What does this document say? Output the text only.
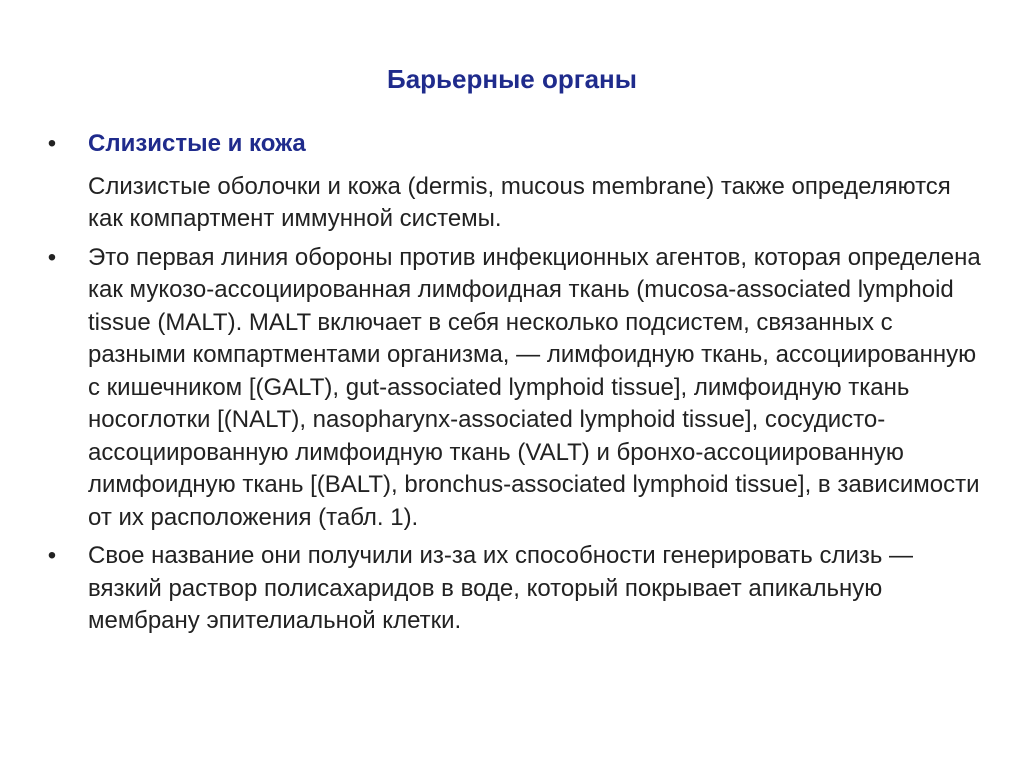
Барьерные органы
• Слизистые и кожа
Слизистые оболочки и кожа (dermis, mucous membrane) также определяются как компартмент иммунной системы.
• Это первая линия обороны против инфекционных агентов, которая определена как мукозо-ассоциированная лимфоидная ткань (mucosa-associated lymphoid tissue (MALT). MALT включает в себя несколько подсистем, связанных с разными компартментами организма, — лимфоидную ткань, ассоциированную с кишечником [(GALT), gut-associated lymphoid tissue], лимфоидную ткань носоглотки [(NALT), nasopharynx-associated lymphoid tissue], сосудисто-ассоциированную лимфоидную ткань (VALT) и бронхо-ассоциированную лимфоидную ткань [(BALT), bronchus-associated lymphoid tissue], в зависимости от их расположения (табл. 1).
• Свое название они получили из-за их способности генерировать слизь — вязкий раствор полисахаридов в воде, который покрывает апикальную мембрану эпителиальной клетки.
